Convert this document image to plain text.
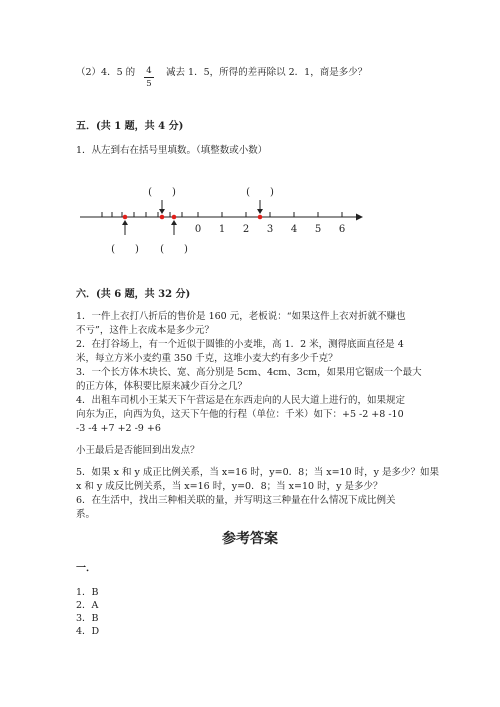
（2）4．5 的 4
5
减去 1．5，所得的差再除以 2．1，商是多少？
五．(共 1 题，共 4 分)
1．从左到右在括号里填数。（填整数或小数）
0 1 2 3 4 5 6
(　　)	(　　)
(　　) (　　)
六．(共 6 题，共 32 分)
1．一件上衣打八折后的售价是 160 元，老板说：“如果这件上衣对折就不赚也
不亏”，这件上衣成本是多少元？
2．在打谷场上，有一个近似于圆锥的小麦堆，高 1．2 米，测得底面直径是 4
米，每立方米小麦约重 350 千克，这堆小麦大约有多少千克？
3．一个长方体木块长、宽、高分别是 5cm、4cm、3cm，如果用它锯成一个最大
的正方体，体积要比原来减少百分之几？
4．出租车司机小王某天下午营运是在东西走向的人民大道上进行的，如果规定
向东为正，向西为负，这天下午他的行程（单位：千米）如下：+5 -2 +8 -10
-3 -4 +7 +2 -9 +6
小王最后是否能回到出发点？
5．如果 x 和 y 成正比例关系，当 x=16 时，y=0．8；当 x=10 时，y 是多少？如果
x 和 y 成反比例关系，当 x=16 时，y=0．8；当 x=10 时，y 是多少？
6．在生活中，找出三种相关联的量，并写明这三种量在什么情况下成比例关
系。
参考答案
一．
1．B
2．A
3．B
4．D
